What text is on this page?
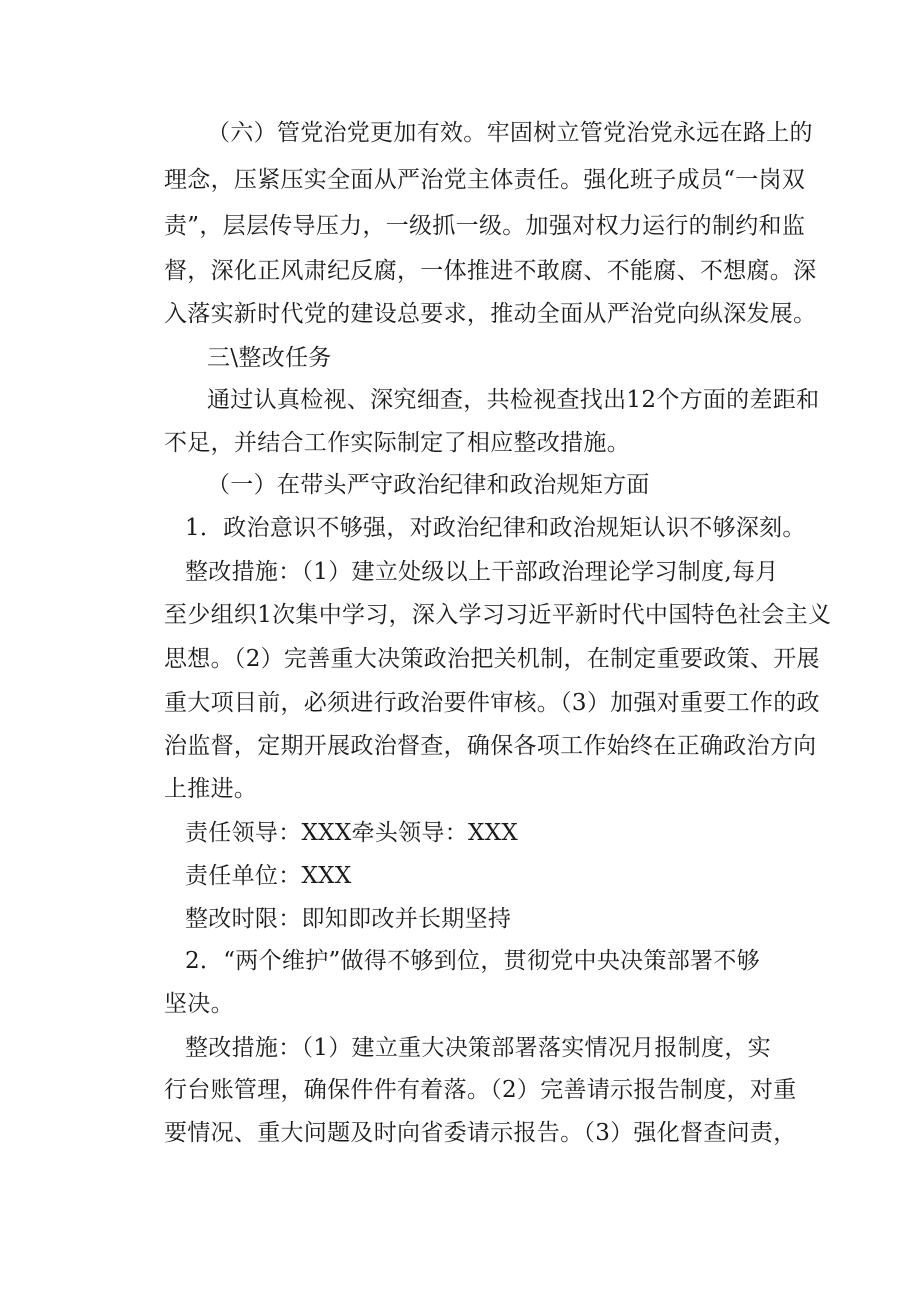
（六）管党治党更加有效。牢固树立管党治党永远在路上的
理念，压紧压实全面从严治党主体责任。强化班子成员“一岗双
责”，层层传导压力，一级抓一级。加强对权力运行的制约和监
督，深化正风肃纪反腐，一体推进不敢腐、不能腐、不想腐。深
入落实新时代党的建设总要求，推动全面从严治党向纵深发展。
三\整改任务
通过认真检视、深究细查，共检视查找出12个方面的差距和
不足，并结合工作实际制定了相应整改措施。
（一）在带头严守政治纪律和政治规矩方面
1．政治意识不够强，对政治纪律和政治规矩认识不够深刻。
整改措施：（1）建立处级以上干部政治理论学习制度,每月
至少组织1次集中学习，深入学习习近平新时代中国特色社会主义
思想。（2）完善重大决策政治把关机制，在制定重要政策、开展
重大项目前，必须进行政治要件审核。（3）加强对重要工作的政
治监督，定期开展政治督查，确保各项工作始终在正确政治方向
上推进。
责任领导：XXX牵头领导：XXX
责任单位：XXX
整改时限：即知即改并长期坚持
2．“两个维护”做得不够到位，贯彻党中央决策部署不够
坚决。
整改措施：（1）建立重大决策部署落实情况月报制度，实
行台账管理，确保件件有着落。（2）完善请示报告制度，对重
要情况、重大问题及时向省委请示报告。（3）强化督查问责，
